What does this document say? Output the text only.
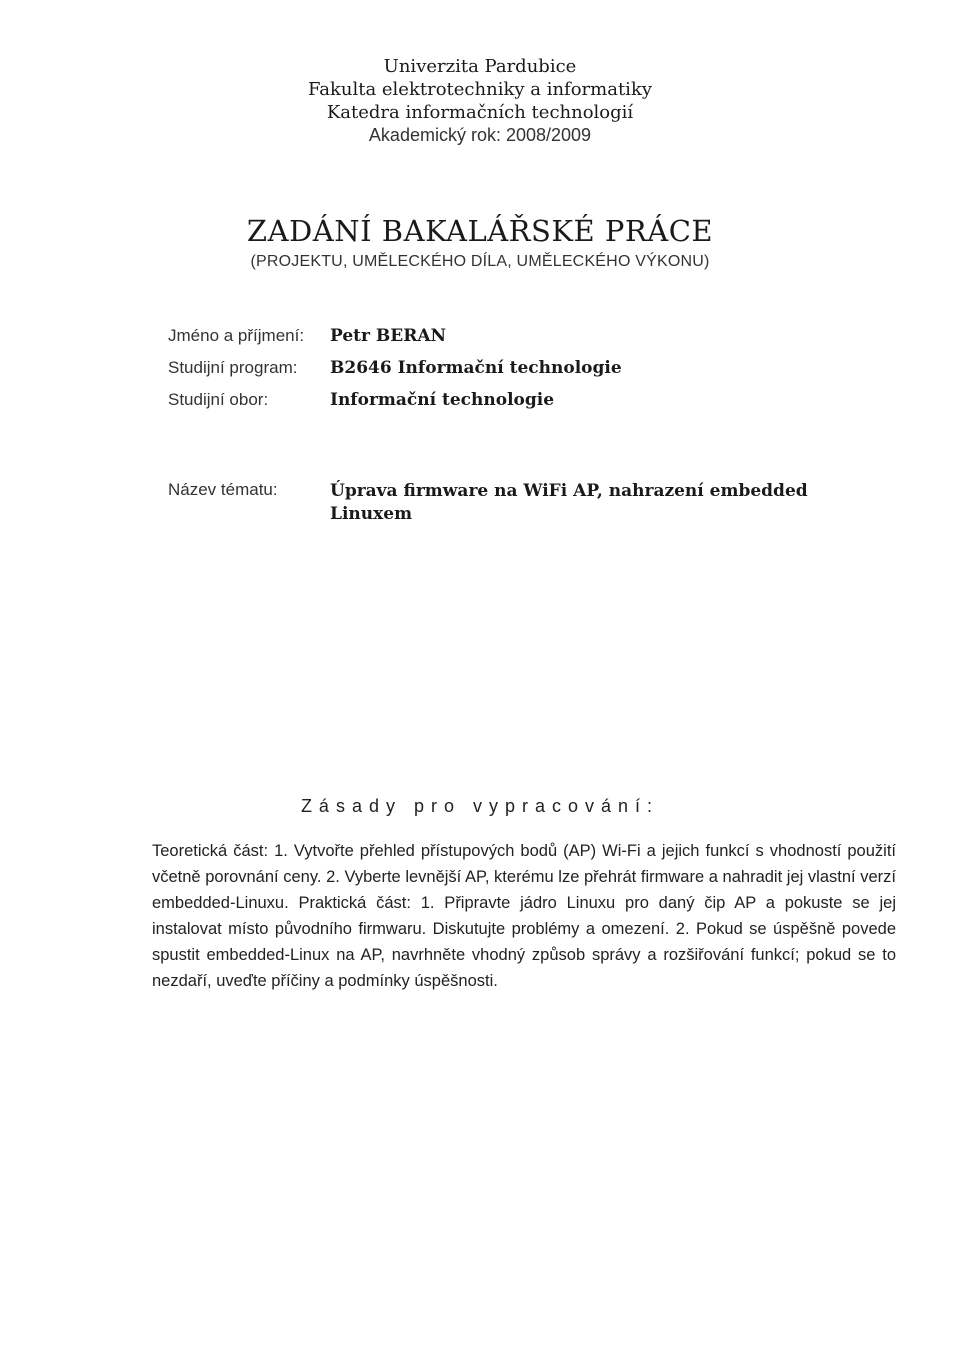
Univerzita Pardubice
Fakulta elektrotechniky a informatiky
Katedra informačních technologií
Akademický rok: 2008/2009
ZADÁNÍ BAKALÁŘSKÉ PRÁCE
(PROJEKTU, UMĚLECKÉHO DÍLA, UMĚLECKÉHO VÝKONU)
Jméno a příjmení: Petr BERAN
Studijní program: B2646 Informační technologie
Studijní obor:	Informační technologie
Název tématu:	Úprava firmware na WiFi AP, nahrazení embedded Linuxem
Zásady pro vypracování:

Teoretická část: 1. Vytvořte přehled přístupových bodů (AP) Wi-Fi a jejich funkcí s vhodností použití včetně porovnání ceny. 2. Vyberte levnější AP, kterému lze přehrát firmware a nahradit jej vlastní verzí embedded-Linuxu. Praktická část: 1. Připravte jádro Linuxu pro daný čip AP a pokuste se jej instalovat místo původního firmwaru. Diskutujte problémy a omezení. 2. Pokud se úspěšně povede spustit embedded-Linux na AP, navrhněte vhodný způsob správy a rozšiřování funkcí; pokud se to nezdaří, uveďte příčiny a podmínky úspěšnosti.
